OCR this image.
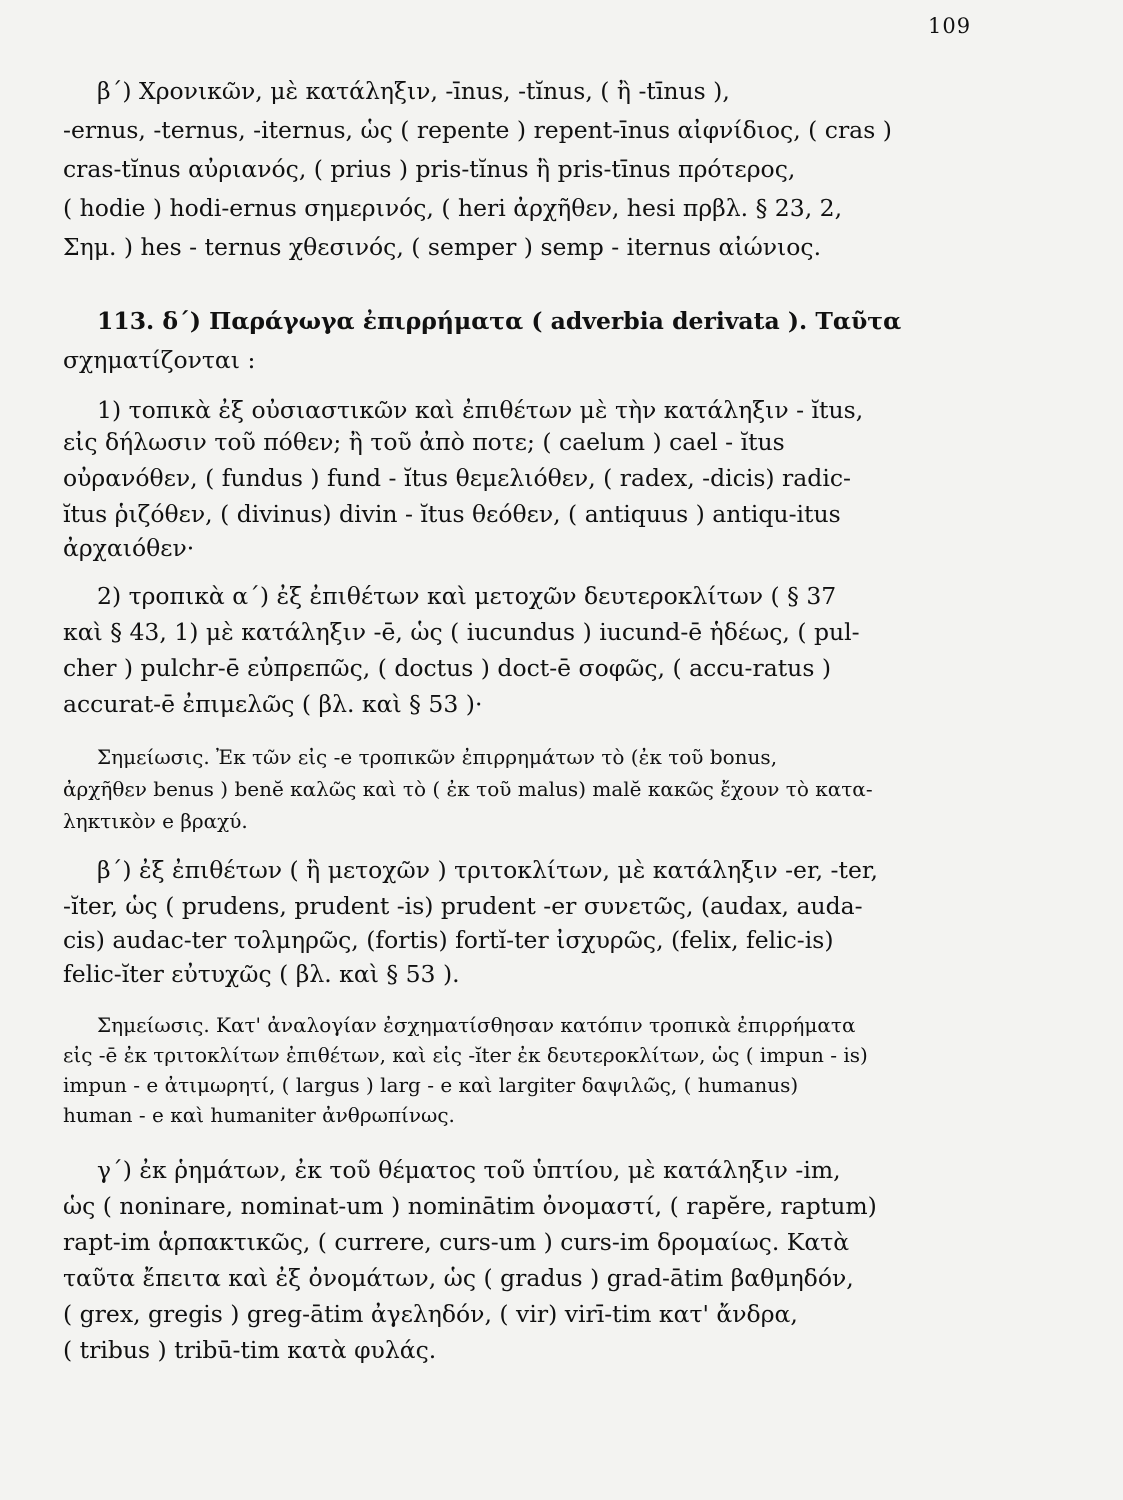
109
β΄) Χρονικῶν, μὲ κατάληξιν, -īnus, -tĭnus, ( ἢ -tīnus ),
-ernus, -ternus, -iternus, ὡς ( repente ) repent-īnus αἰφνίδιος, ( cras )
cras-tĭnus αὐριανός, ( prius ) pris-tĭnus ἢ pris-tīnus πρότερος,
( hodie ) hodi-ernus σημερινός, ( heri ἀρχῆθεν, hesi πρβλ. § 23, 2,
Σημ. ) hes - ternus χθεσινός, ( semper ) semp - iternus αἰώνιος.
113. δ΄) Παράγωγα ἐπιρρήματα ( adverbia derivata ). Ταῦτα
σχηματίζονται :
1) τοπικὰ ἐξ οὐσιαστικῶν καὶ ἐπιθέτων μὲ τὴν κατάληξιν - ĭtus,
εἰς δήλωσιν τοῦ πόθεν; ἢ τοῦ ἀπὸ ποτε; ( caelum ) cael - ĭtus
οὐρανόθεν, ( fundus ) fund - ĭtus θεμελιόθεν, ( radex, -dicis) radic-
ĭtus ῥιζόθεν, ( divinus) divin - ĭtus θεόθεν, ( antiquus ) antiqu-itus
ἀρχαιόθεν·
2) τροπικὰ α΄) ἐξ ἐπιθέτων καὶ μετοχῶν δευτεροκλίτων ( § 37
καὶ § 43, 1) μὲ κατάληξιν -ē, ὡς ( iucundus ) iucund-ē ἡδέως, ( pul-
cher ) pulchr-ē εὐπρεπῶς, ( doctus ) doct-ē σοφῶς, ( accu-ratus )
accurat-ē ἐπιμελῶς ( βλ. καὶ § 53 )·
Σημείωσις. Ἐκ τῶν εἰς -e τροπικῶν ἐπιρρημάτων τὸ (ἐκ τοῦ bonus,
ἀρχῆθεν benus ) benĕ καλῶς καὶ τὸ ( ἐκ τοῦ malus) malĕ κακῶς ἔχουν τὸ κατα-
ληκτικὸν e βραχύ.
β΄) ἐξ ἐπιθέτων ( ἢ μετοχῶν ) τριτοκλίτων, μὲ κατάληξιν -er, -ter,
-ĭter, ὡς ( prudens, prudent -is) prudent -er συνετῶς, (audax, auda-
cis) audac-ter τολμηρῶς, (fortis) fortĭ-ter ἰσχυρῶς, (felix, felic-is)
felic-ĭter εὐτυχῶς ( βλ. καὶ § 53 ).
Σημείωσις. Κατ' ἀναλογίαν ἐσχηματίσθησαν κατόπιν τροπικὰ ἐπιρρήματα
εἰς -ē ἐκ τριτοκλίτων ἐπιθέτων, καὶ εἰς -ĭter ἐκ δευτεροκλίτων, ὡς ( impun - is)
impun - e ἀτιμωρητί, ( largus ) larg - e καὶ largiter δαψιλῶς, ( humanus)
human - e καὶ humaniter ἀνθρωπίνως.
γ΄) ἐκ ῥημάτων, ἐκ τοῦ θέματος τοῦ ὑπτίου, μὲ κατάληξιν -im,
ὡς ( noninare, nominat-um ) nominātim ὀνομαστί, ( rapĕre, raptum)
rapt-im ἁρπακτικῶς, ( currere, curs-um ) curs-im δρομαίως. Κατὰ
ταῦτα ἔπειτα καὶ ἐξ ὀνομάτων, ὡς ( gradus ) grad-ātim βαθμηδόν,
( grex, gregis ) greg-ātim ἀγεληδόν, ( vir) virī-tim κατ' ἄνδρα,
( tribus ) tribū-tim κατὰ φυλάς.
